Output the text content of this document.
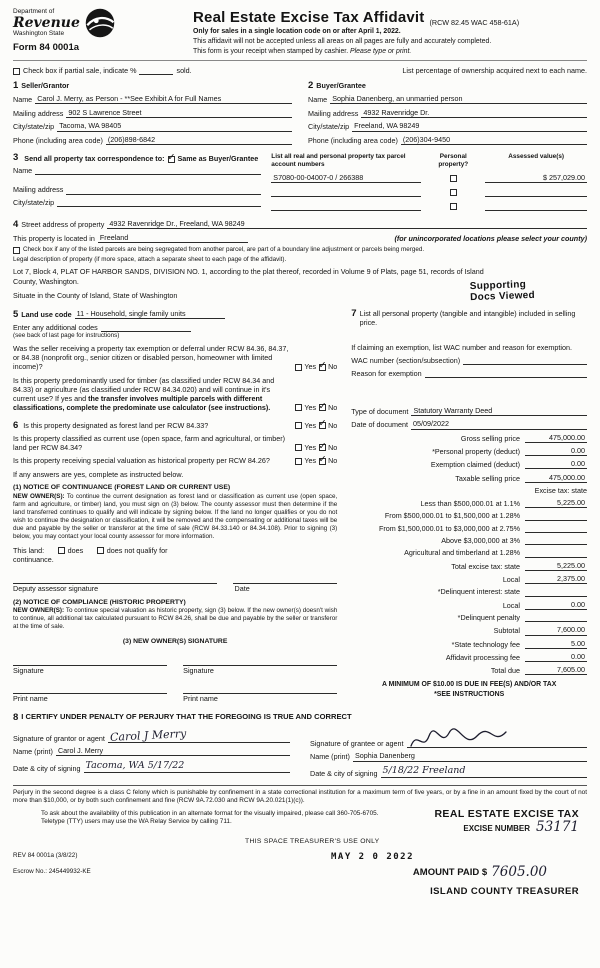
Department of
Revenue
Washington State
Form 84 0001a
Real Estate Excise Tax Affidavit (RCW 82.45 WAC 458-61A)
Only for sales in a single location code on or after April 1, 2022.
This affidavit will not be accepted unless all areas on all pages are fully and accurately completed.
This form is your receipt when stamped by cashier. Please type or print.
Check box if partial sale, indicate %	sold.	List percentage of ownership acquired next to each name.
1 Seller/Grantor
Name Carol J. Merry, as Person - **See Exhibit A for Full Names
Mailing address 902 S Lawrence Street
City/state/zip Tacoma, WA 98405
Phone (including area code) (206)898-6842
2 Buyer/Grantee
Name Sophia Danenberg, an unmarried person
Mailing address 4932 Ravenridge Dr.
City/state/zip Freeland, WA 98249
Phone (including area code) (206)304-9450
3 Send all property tax correspondence to:
✓ Same as Buyer/Grantee
Name
Mailing address
City/state/zip
List all real and personal property tax parcel account numbers
Personal property?
Assessed value(s)
S7080-00-04007-0 / 266388	$ 257,029.00
4 Street address of property 4932 Ravenridge Dr., Freeland, WA 98249
This property is located in Freeland	(for unincorporated locations please select your county)
Check box if any of the listed parcels are being segregated from another parcel, are part of a boundary line adjustment or parcels being merged.
Legal description of property (if more space, attach a separate sheet to each page of the affidavit).
Lot 7, Block 4, PLAT OF HARBOR SANDS, DIVISION NO. 1, according to the plat thereof, recorded in Volume 9 of Plats, page 51, records of Island County, Washington.
Situate in the County of Island, State of Washington
Supporting
Docs Viewed
5 Land use code 11 - Household, single family units
Enter any additional codes
(see back of last page for instructions)
Was the seller receiving a property tax exemption or deferral under RCW 84.36, 84.37, or 84.38 (nonprofit org., senior citizen or disabled person, homeowner with limited income)?	Yes ✓ No
Is this property predominantly used for timber (as classified under RCW 84.34 and 84.33) or agriculture (as classified under RCW 84.34.020) and will continue in it's current use? If yes and the transfer involves multiple parcels with different classifications, complete the predominate use calculator (see instructions).	Yes ✓ No
6 Is this property designated as forest land per RCW 84.33?	Yes ✓ No
Is this property classified as current use (open space, farm and agricultural, or timber) land per RCW 84.34?	Yes ✓ No
Is this property receiving special valuation as historical property per RCW 84.26?	Yes ✓ No
If any answers are yes, complete as instructed below.
(1) NOTICE OF CONTINUANCE (FOREST LAND OR CURRENT USE)
NEW OWNER(S): To continue the current designation as forest land or classification as current use (open space, farm and agriculture, or timber) land, you must sign on (3) below. The county assessor must then determine if the land transferred continues to qualify and will indicate by signing below. If the land no longer qualifies or you do not wish to continue the designation or classification, it will be removed and the compensating or additional taxes will be due and payable by the seller or transferor at the time of sale (RCW 84.33.140 or 84.34.108). Prior to signing (3) below, you may contact your local county assessor for more information.
This land:	does	does not qualify for
continuance.
Deputy assessor signature	Date
(2) NOTICE OF COMPLIANCE (HISTORIC PROPERTY)
NEW OWNER(S): To continue special valuation as historic property, sign (3) below. If the new owner(s) doesn't wish to continue, all additional tax calculated pursuant to RCW 84.26, shall be due and payable by the seller or transferor at the time of sale.
(3) NEW OWNER(S) SIGNATURE
Signature	Signature
Print name	Print name
7 List all personal property (tangible and intangible) included in selling price.
If claiming an exemption, list WAC number and reason for exemption.
WAC number (section/subsection)
Reason for exemption
Type of document Statutory Warranty Deed
Date of document 05/09/2022
Gross selling price	475,000.00
*Personal property (deduct)	0.00
Exemption claimed (deduct)	0.00
Taxable selling price	475,000.00
Excise tax: state
Less than $500,000.01 at 1.1%	5,225.00
From $500,000.01 to $1,500,000 at 1.28%
From $1,500,000.01 to $3,000,000 at 2.75%
Above $3,000,000 at 3%
Agricultural and timberland at 1.28%
Total excise tax: state	5,225.00
Local	2,375.00
*Delinquent interest: state
Local	0.00
*Delinquent penalty
Subtotal	7,600.00
*State technology fee	5.00
Affidavit processing fee	0.00
Total due	7,605.00
A MINIMUM OF $10.00 IS DUE IN FEE(S) AND/OR TAX
*SEE INSTRUCTIONS
8 I CERTIFY UNDER PENALTY OF PERJURY THAT THE FOREGOING IS TRUE AND CORRECT
Signature of grantor or agent Carol J Merry
Name (print) Carol J. Merry
Date & city of signing Tacoma, WA 5/17/22
Signature of grantee or agent
Name (print) Sophia Danenberg
Date & city of signing 5/18/22 Freeland
Perjury in the second degree is a class C felony which is punishable by confinement in a state correctional institution for a maximum term of five years, or by a fine in an amount fixed by the court of not more than $10,000, or by both such confinement and fine (RCW 9A.72.030 and RCW 9A.20.021(1)(c)).
To ask about the availability of this publication in an alternate format for the visually impaired, please call 360-705-6705. Teletype (TTY) users may use the WA Relay Service by calling 711.
THIS SPACE TREASURER'S USE ONLY
REAL ESTATE EXCISE TAX
EXCISE NUMBER 53171
MAY 2 0 2022
AMOUNT PAID $ 7605.00
ISLAND COUNTY TREASURER
REV 84 0001a (3/8/22)
Escrow No.: 245449932-KE
